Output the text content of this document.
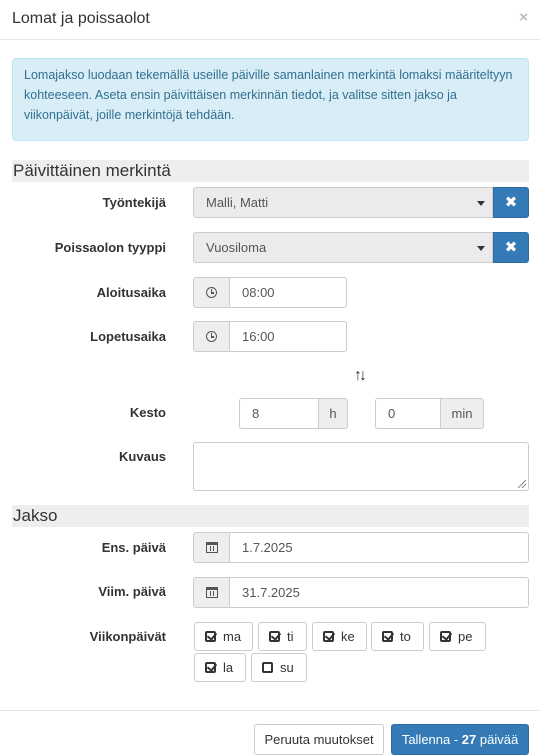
Lomat ja poissaolot	×
Lomajakso luodaan tekemällä useille päiville samanlainen merkintä lomaksi määriteltyyn kohteeseen. Aseta ensin päivittäisen merkinnän tiedot, ja valitse sitten jakso ja viikonpäivät, joille merkintöjä tehdään.
Päivittäinen merkintä
Työntekijä	Malli, Matti	✖
Poissaolon tyyppi	Vuosiloma	✖
Aloitusaika	08:00
Lopetusaika	16:00
↑↓
Kesto	8	h	0	min
Kuvaus
Jakso
Ens. päivä	1.7.2025
Viim. päivä	31.7.2025
Viikonpäivät	ma	ti	ke	to	pe
la	su
Peruuta muutokset	Tallenna - 27 päivää
